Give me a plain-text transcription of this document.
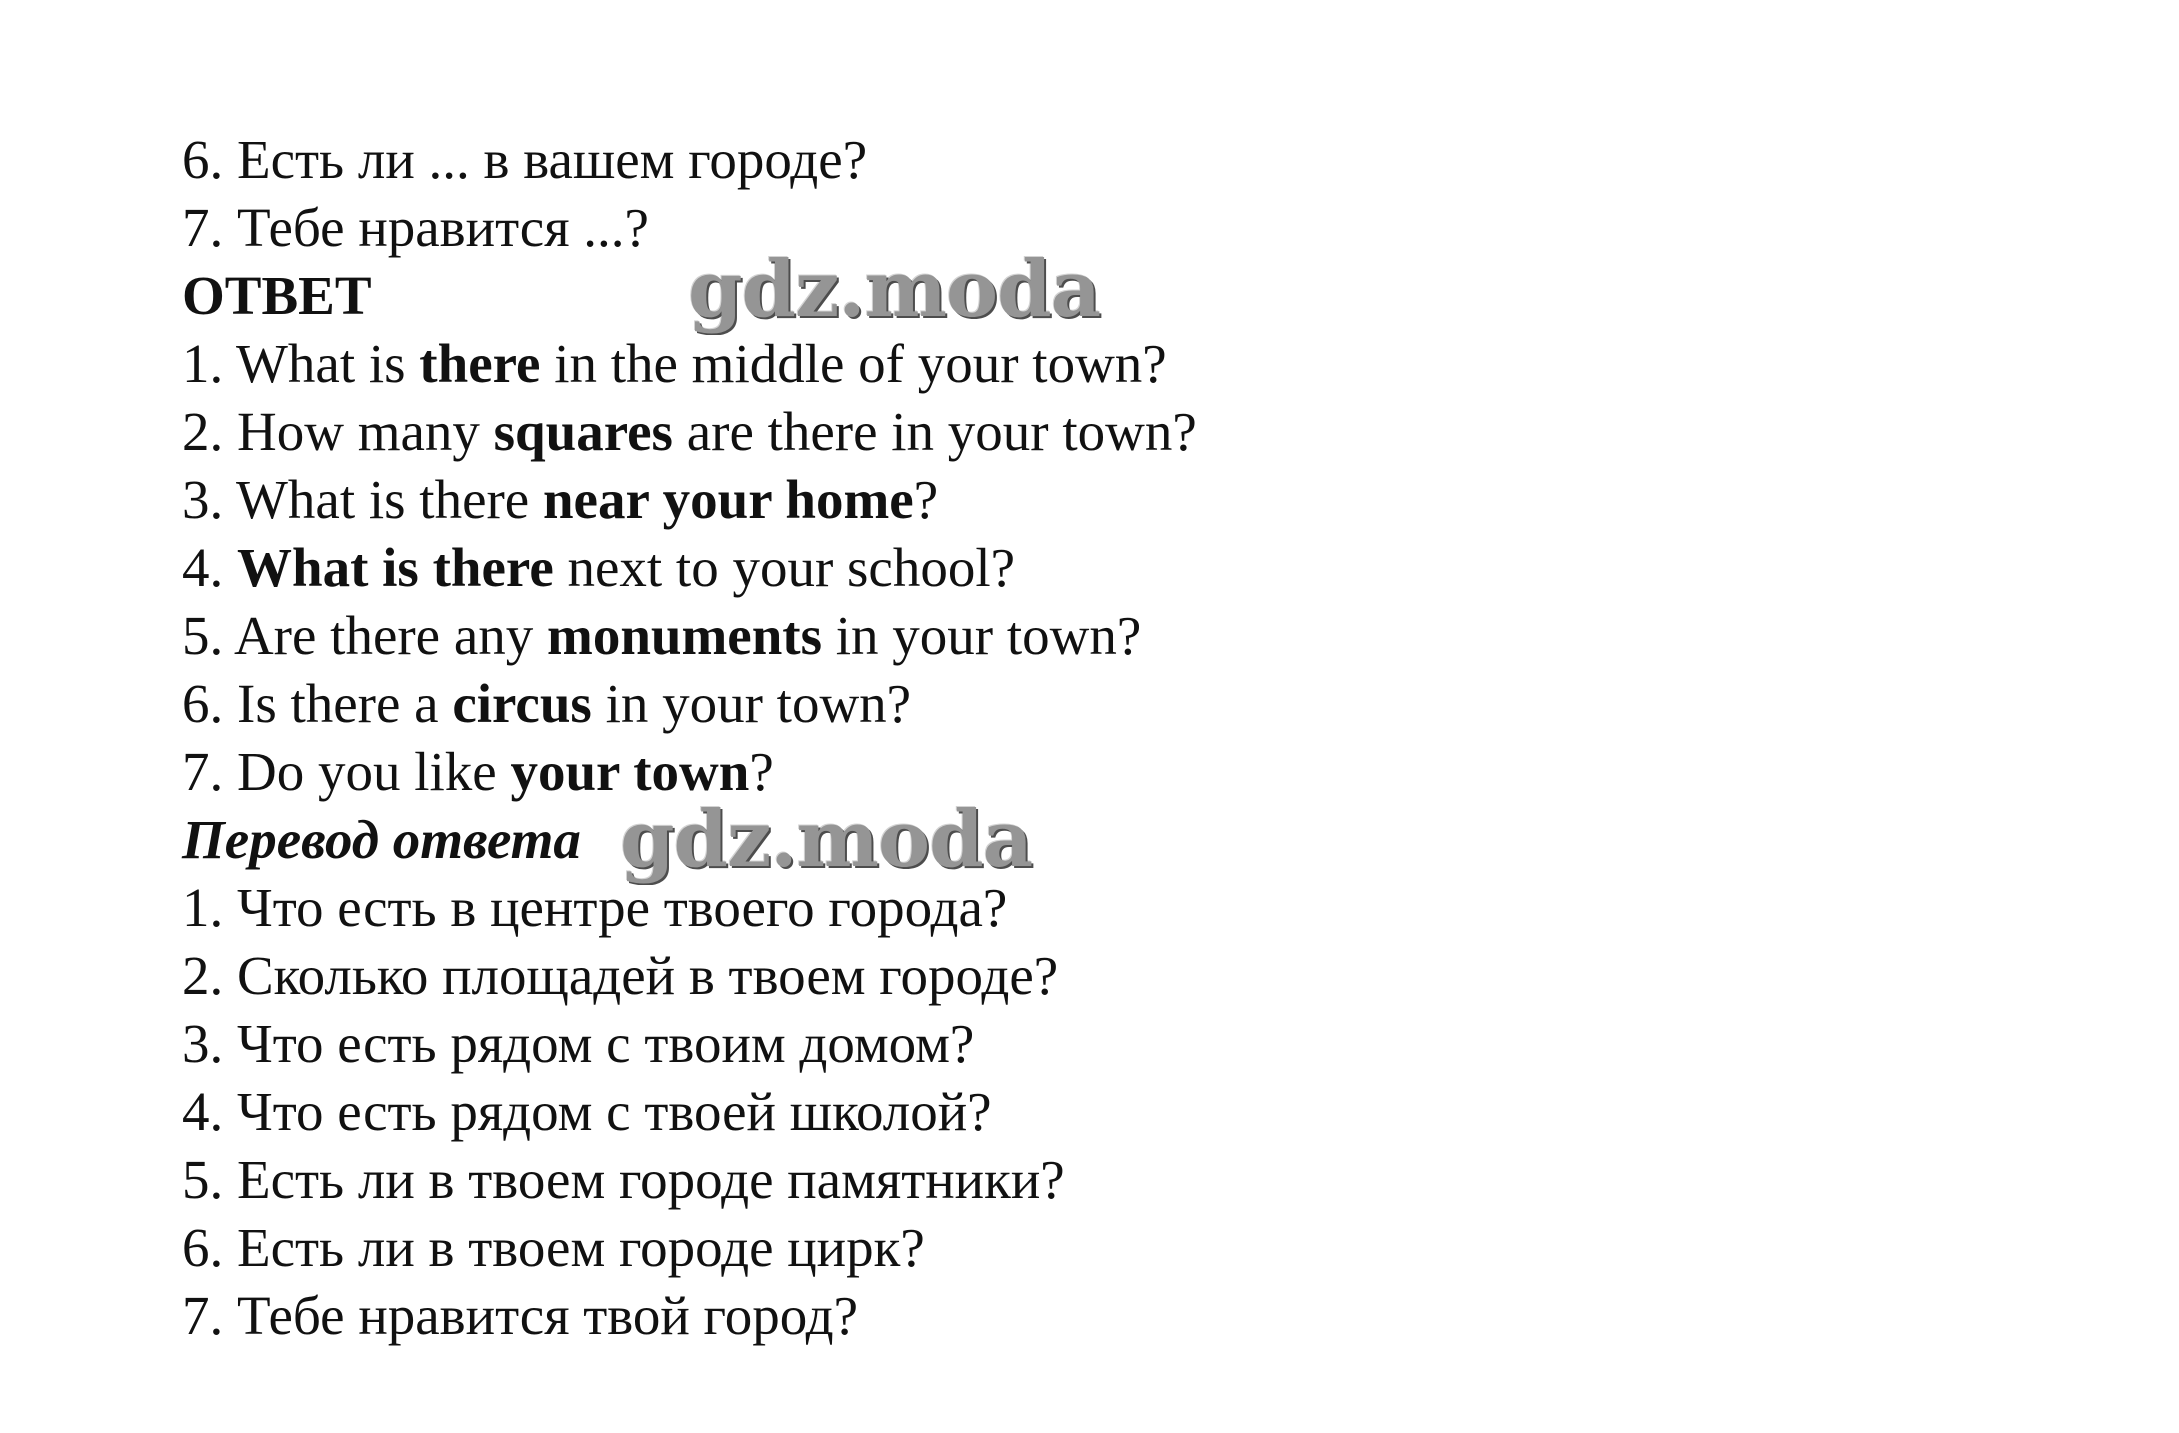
6. Есть ли ... в вашем городе?
7. Тебе нравится ...?
ОТВЕТ
1. What is there in the middle of your town?
2. How many squares are there in your town?
3. What is there near your home?
4. What is there next to your school?
5. Are there any monuments in your town?
6. Is there a circus in your town?
7. Do you like your town?
Перевод ответа
1. Что есть в центре твоего города?
2. Сколько площадей в твоем городе?
3. Что есть рядом с твоим домом?
4. Что есть рядом с твоей школой?
5. Есть ли в твоем городе памятники?
6. Есть ли в твоем городе цирк?
7. Тебе нравится твой город?
gdz.moda
gdz.moda
